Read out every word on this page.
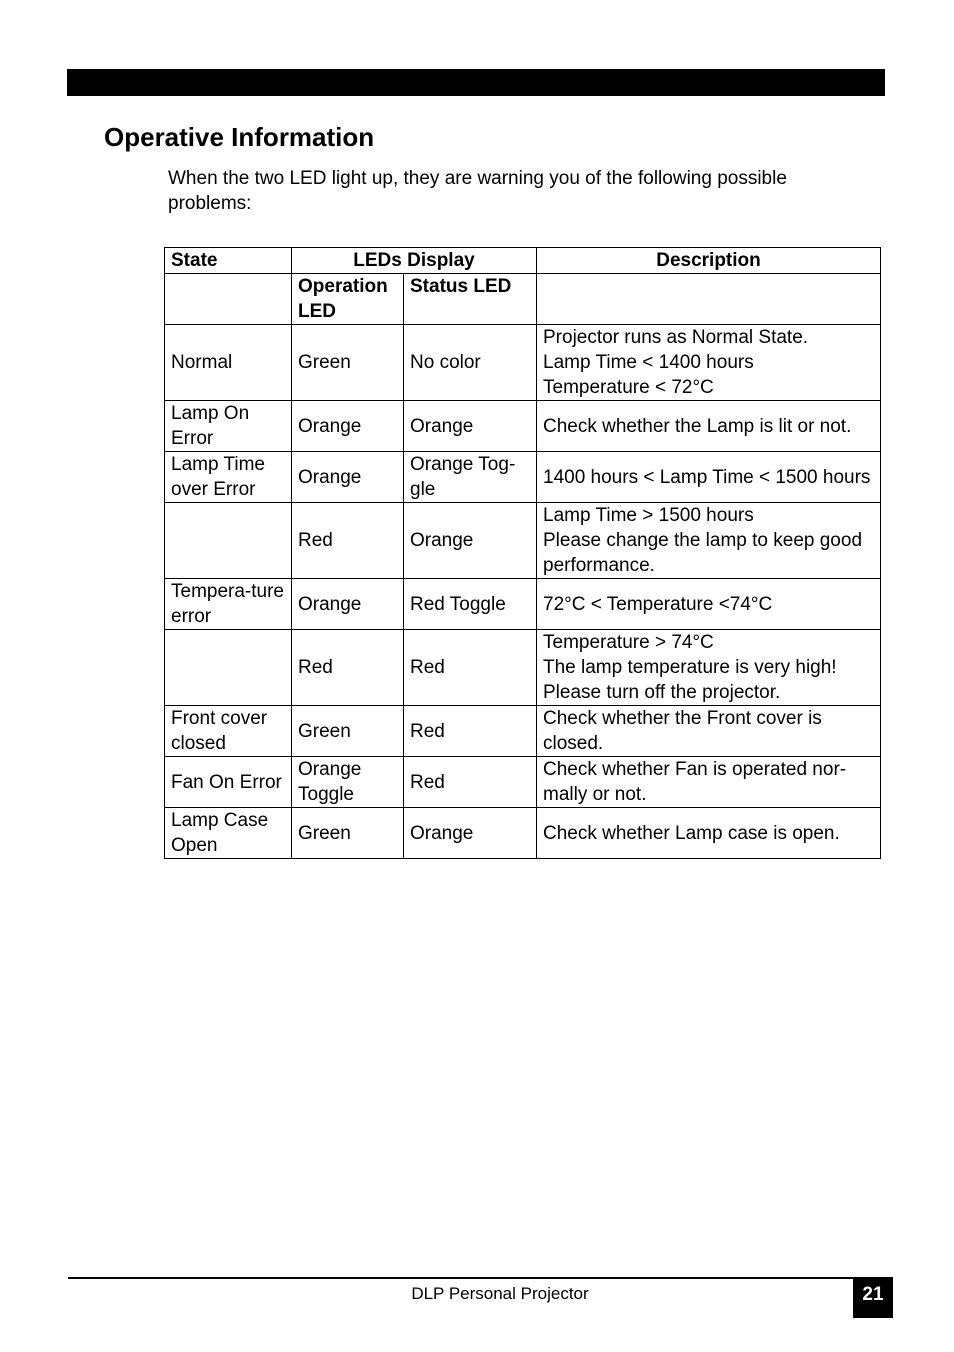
Operative Information

When the two LED light up, they are warning you of the following possible problems:

State	LEDs Display		Description
	Operation LED	Status LED	
Normal	Green	No color	Projector runs as Normal State.
Lamp Time < 1400 hours
Temperature < 72°C

Lamp On Error	Orange	Orange	Check whether the Lamp is lit or not.

Lamp Time over Error	Orange	Orange Tog-gle	1400 hours < Lamp Time < 1500 hours

	Red	Orange	Lamp Time > 1500 hours
Please change the lamp to keep good performance.

Tempera-ture error	Orange	Red Toggle	72°C < Temperature <74°C

	Red	Red	Temperature > 74°C
The lamp temperature is very high!
Please turn off the projector.

Front cover closed	Green	Red	Check whether the Front cover is closed.

Fan On Error	Orange Toggle	Red	Check whether Fan is operated nor-mally or not.

Lamp Case Open	Green	Orange	Check whether Lamp case is open.
DLP Personal Projector	21
